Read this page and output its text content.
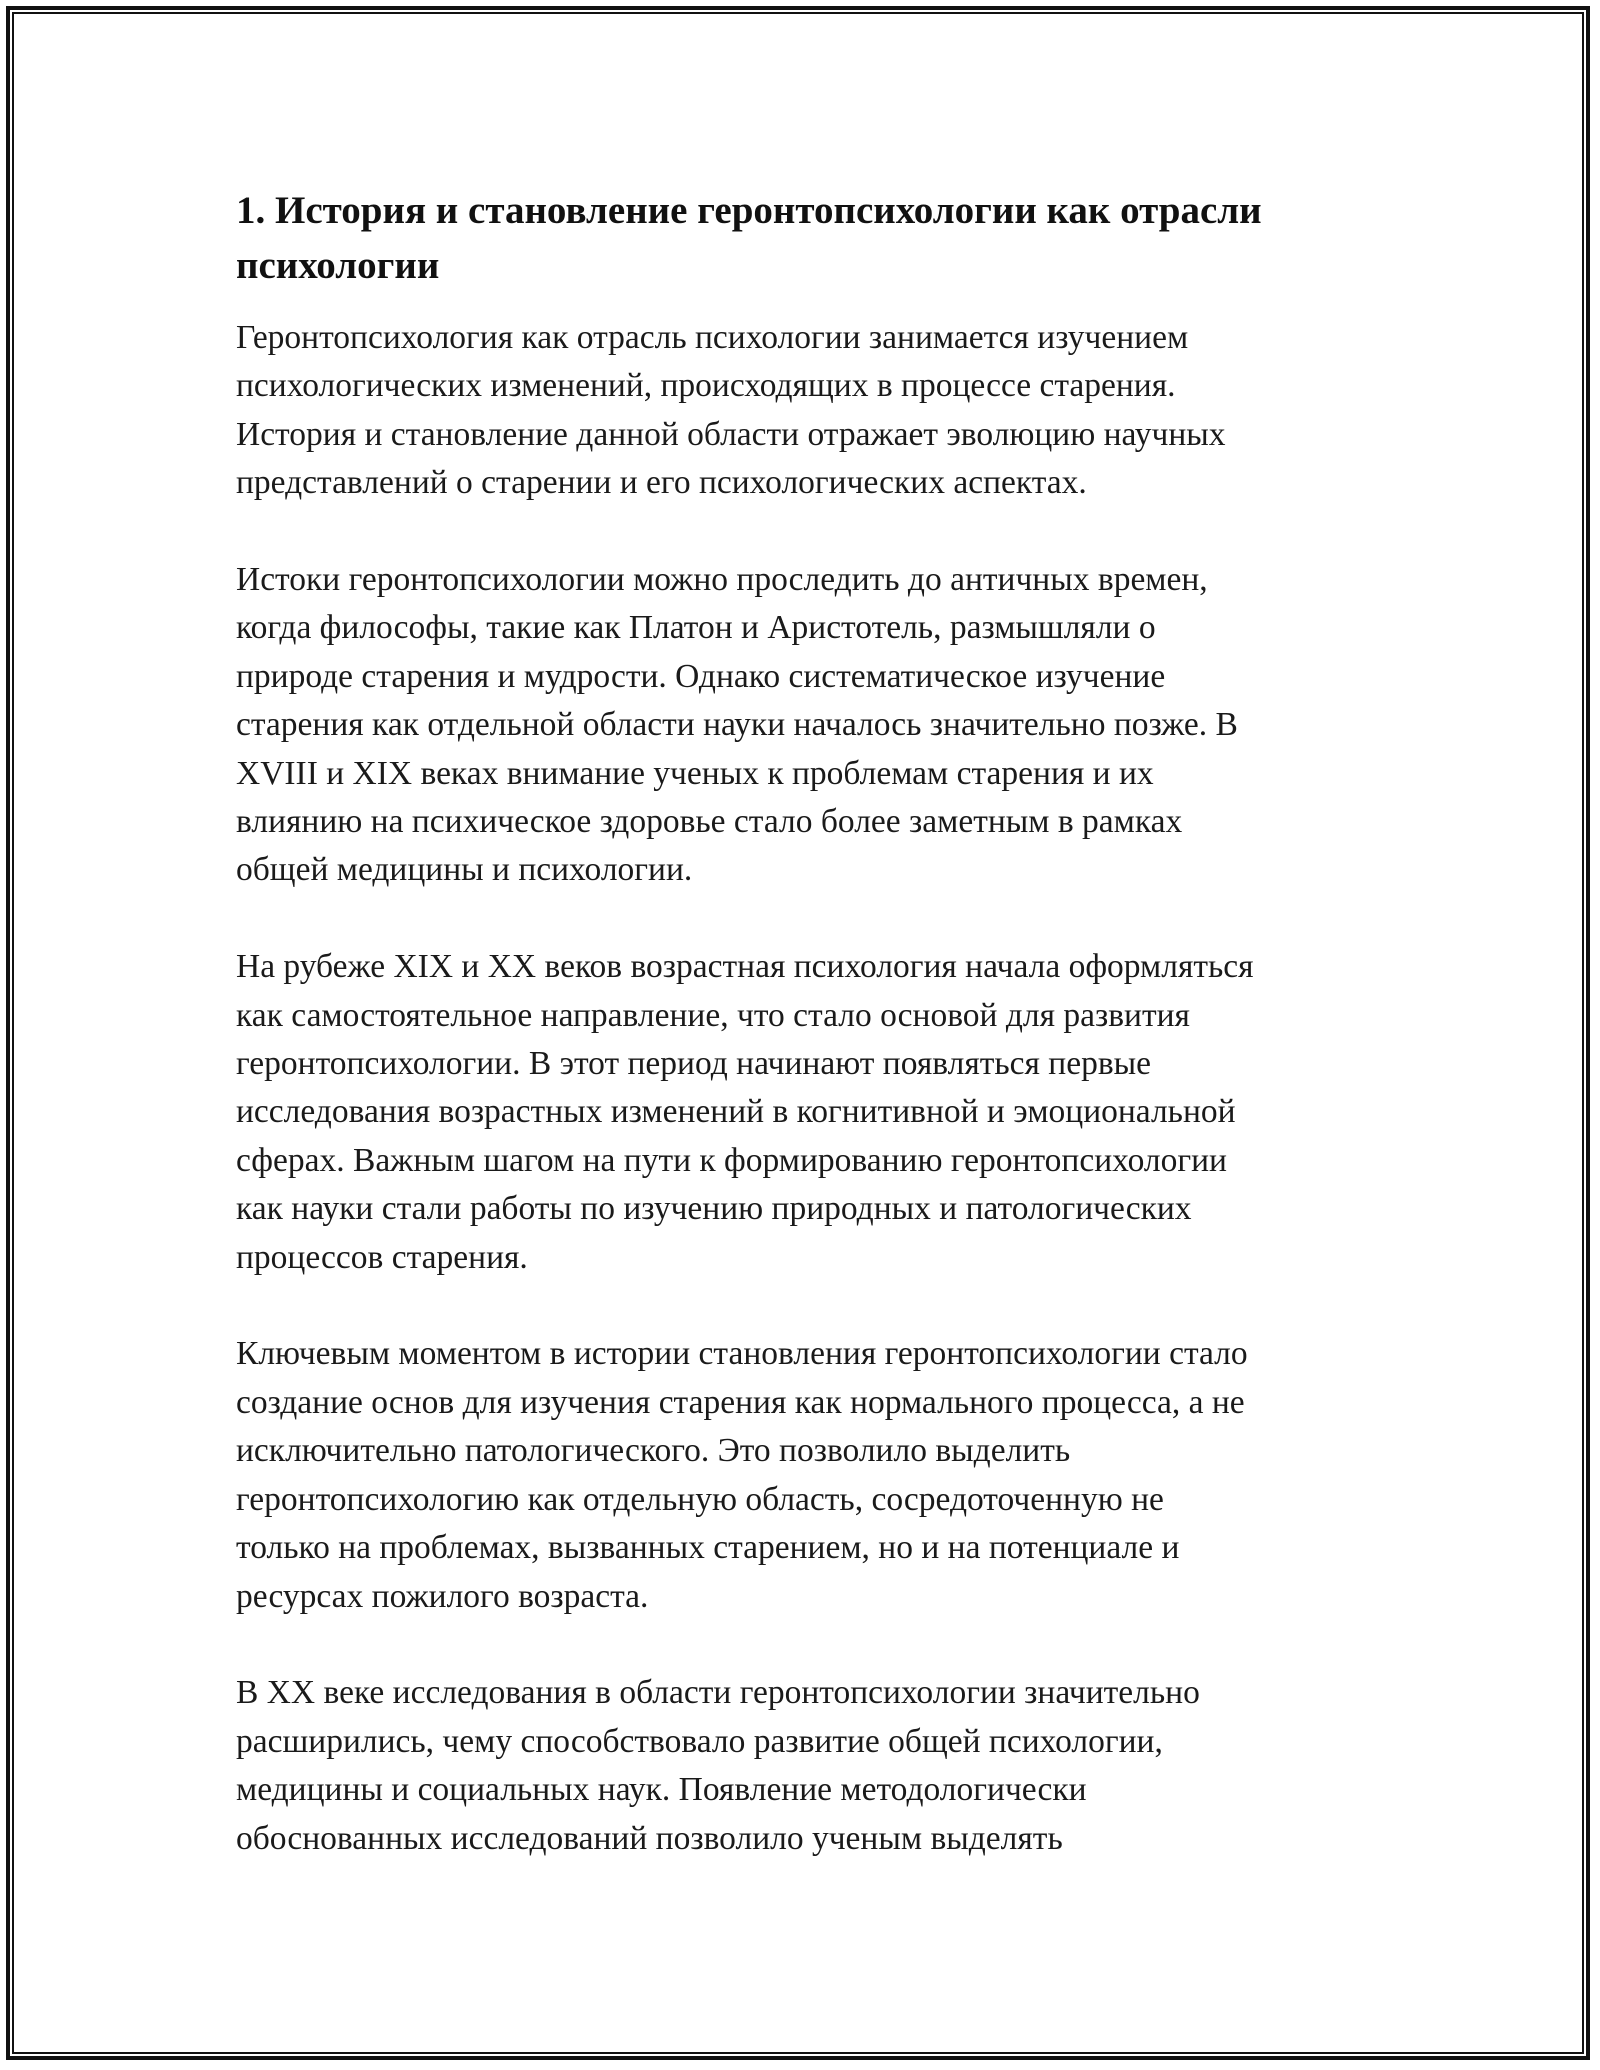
1. История и становление геронтопсихологии как отрасли
психологии

Геронтопсихология как отрасль психологии занимается изучением
психологических изменений, происходящих в процессе старения.
История и становление данной области отражает эволюцию научных
представлений о старении и его психологических аспектах.

Истоки геронтопсихологии можно проследить до античных времен,
когда философы, такие как Платон и Аристотель, размышляли о
природе старения и мудрости. Однако систематическое изучение
старения как отдельной области науки началось значительно позже. В
XVIII и XIX веках внимание ученых к проблемам старения и их
влиянию на психическое здоровье стало более заметным в рамках
общей медицины и психологии.

На рубеже XIX и XX веков возрастная психология начала оформляться
как самостоятельное направление, что стало основой для развития
геронтопсихологии. В этот период начинают появляться первые
исследования возрастных изменений в когнитивной и эмоциональной
сферах. Важным шагом на пути к формированию геронтопсихологии
как науки стали работы по изучению природных и патологических
процессов старения.

Ключевым моментом в истории становления геронтопсихологии стало
создание основ для изучения старения как нормального процесса, а не
исключительно патологического. Это позволило выделить
геронтопсихологию как отдельную область, сосредоточенную не
только на проблемах, вызванных старением, но и на потенциале и
ресурсах пожилого возраста.

В XX веке исследования в области геронтопсихологии значительно
расширились, чему способствовало развитие общей психологии,
медицины и социальных наук. Появление методологически
обоснованных исследований позволило ученым выделять
